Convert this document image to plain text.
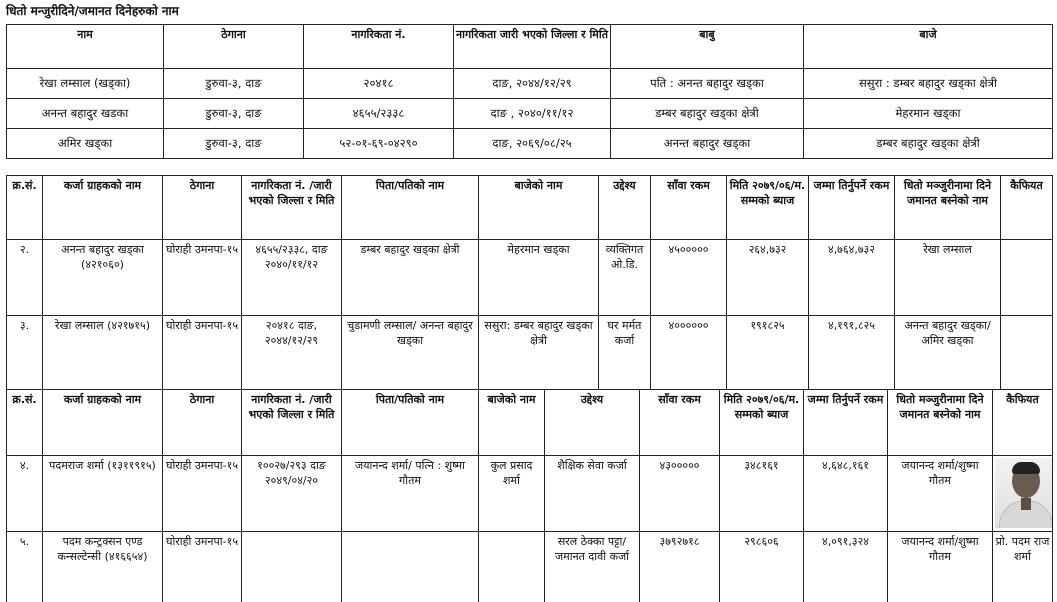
धितो मन्जुरीदिने/जमानत दिनेहरुको नाम
नाम	ठेगाना	नागरिकता नं.	नागरिकता जारी भएको जिल्ला र मिति	बाबु	बाजे
रेखा लम्साल (खड्का)	डुरुवा-३, दाङ	२०४१८	दाङ, २०४४/१२/२९	पति : अनन्त बहादुर खड्का	ससुरा : डम्बर बहादुर खड्का क्षेत्री
अनन्त बहादुर खडका	डुरुवा-३, दाङ	४६५५/२३३८	दाङ , २०४०/११/१२	डम्बर बहादुर खड्का क्षेत्री	मेहरमान खड्का
अमिर खड्का	डुरुवा-३, दाङ	५२-०१-६९-०४२९०	दाङ, २०६९/०८/२५	अनन्त बहादुर खड्का	डम्बर बहादुर खड्का क्षेत्री
क्र.सं.	कर्जा ग्राहकको नाम	ठेगाना	नागरिकता नं. /जारी भएको जिल्ला र मिति	पिता/पतिको नाम	बाजेको नाम	उद्देश्य	साँवा रकम	मिति २०७९/०६/म. सम्मको ब्याज	जम्मा तिर्नुपर्ने रकम	धितो मञ्जुरीनामा दिने जमानत बस्नेको नाम	कैफियत
२.	अनन्त बहादुर खड्का (४२१०६०)	घोराही उमनपा-१५	४६५५/२३३८, दाङ २०४०/११/१२	डम्बर बहादुर खड्का क्षेत्री	मेहरमान खड्का	व्यक्तिगत ओ.डि.	४५०००००	२६४,७३२	४,७६४,७३२	रेखा लम्साल	
३.	रेखा लम्साल (४२१७१५)	घोराही उमनपा-१५	२०४१८ दाङ, २०४४/१२/२९	चुडामणी लम्साल/ अनन्त बहादुर खड्का	ससुरा: डम्बर बहादुर खड्का क्षेत्री	घर मर्मत कर्जा	४००००००	१९१८२५	४,१९१,८२५	अनन्त बहादुर खड्का/अमिर खड्का	
क्र.सं.	कर्जा ग्राहकको नाम	ठेगाना	नागरिकता नं. /जारी भएको जिल्ला र मिति	पिता/पतिको नाम	बाजेको नाम	उद्देश्य	साँवा रकम	मिति २०७९/०६/म. सम्मको ब्याज	जम्मा तिर्नुपर्ने रकम	धितो मञ्जुरीनामा दिने जमानत बस्नेको नाम	कैफियत
४.	पदमराज शर्मा (१३११९१५)	घोराही उमनपा-१५	१००२७/२९३ दाङ २०४९/०४/२०	जयानन्द शर्मा/ पत्नि : शुष्मा गौतम	कुल प्रसाद शर्मा	शैक्षिक सेवा कर्जा	४३०००००	३४८१६१	४,६४८,१६१	जयानन्द शर्मा/शुष्मा गौतम	

५.	पदम कन्ट्रक्सन एण्ड कन्सल्टेन्सी (४१६६५४)	घोराही उमनपा-१५				सरल ठेक्का पट्टा/जमानत दावी कर्जा	३७९२७१८	२९८६०६	४,०९१,३२४	जयानन्द शर्मा/शुष्मा गौतम	प्रो. पदम राज शर्मा
